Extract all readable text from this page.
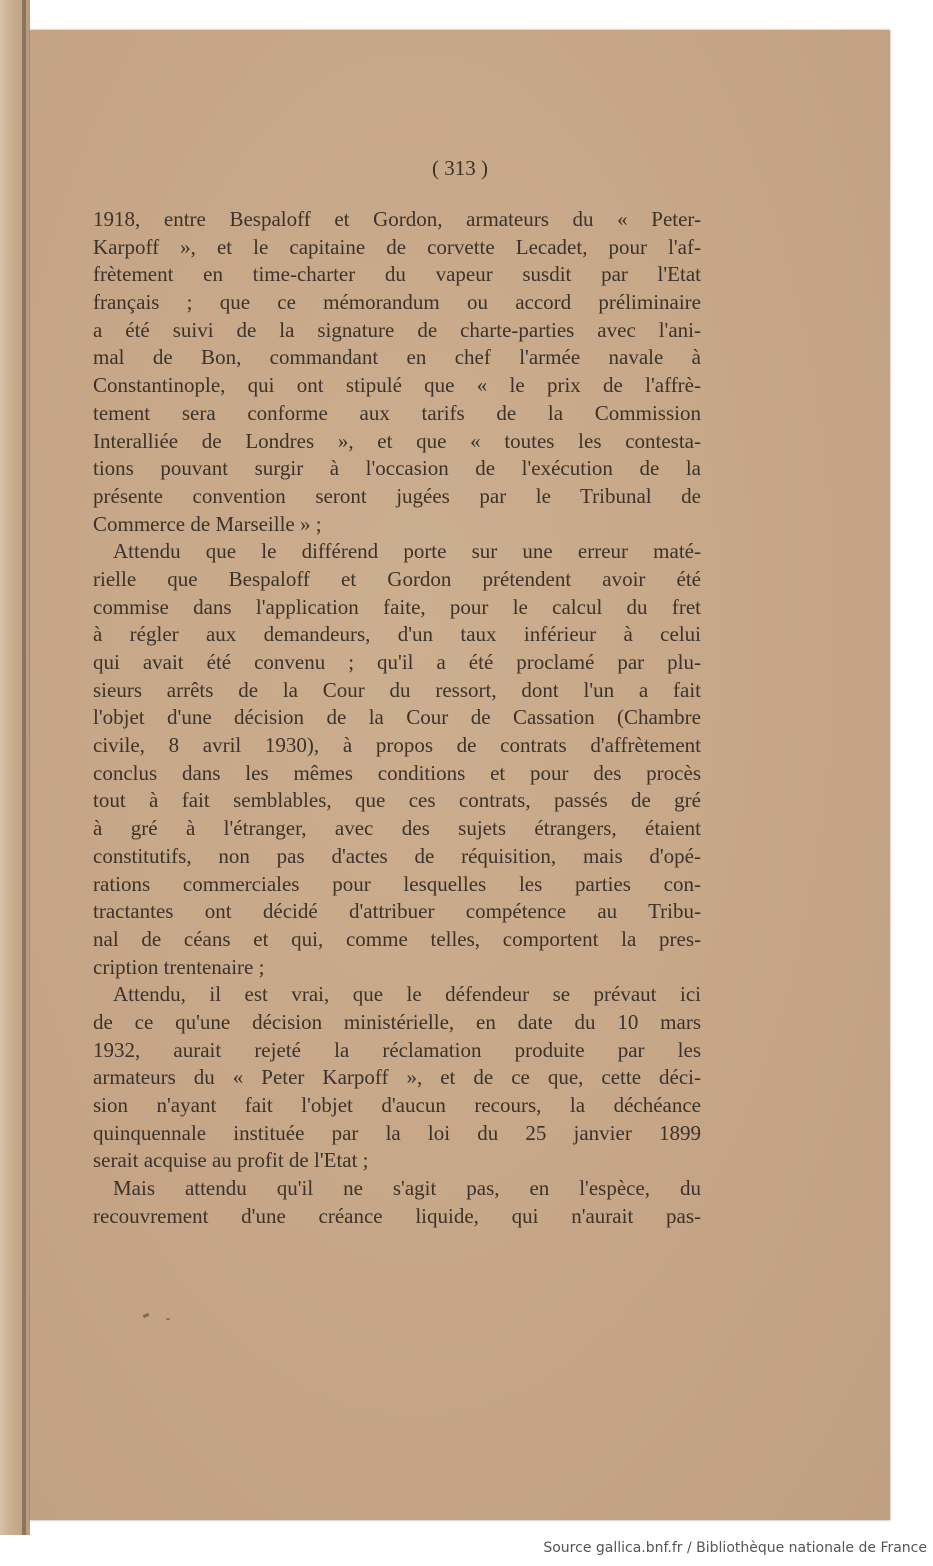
( 313 )
1918, entre Bespaloff et Gordon, armateurs du « Peter-
Karpoff », et le capitaine de corvette Lecadet, pour l'af-
frètement en time-charter du vapeur susdit par l'Etat
français ; que ce mémorandum ou accord préliminaire
a été suivi de la signature de charte-parties avec l'ani-
mal de Bon, commandant en chef l'armée navale à
Constantinople, qui ont stipulé que « le prix de l'affrè-
tement sera conforme aux tarifs de la Commission
Interalliée de Londres », et que « toutes les contesta-
tions pouvant surgir à l'occasion de l'exécution de la
présente convention seront jugées par le Tribunal de
Commerce de Marseille » ;
Attendu que le différend porte sur une erreur maté-
rielle que Bespaloff et Gordon prétendent avoir été
commise dans l'application faite, pour le calcul du fret
à régler aux demandeurs, d'un taux inférieur à celui
qui avait été convenu ; qu'il a été proclamé par plu-
sieurs arrêts de la Cour du ressort, dont l'un a fait
l'objet d'une décision de la Cour de Cassation (Chambre
civile, 8 avril 1930), à propos de contrats d'affrètement
conclus dans les mêmes conditions et pour des procès
tout à fait semblables, que ces contrats, passés de gré
à gré à l'étranger, avec des sujets étrangers, étaient
constitutifs, non pas d'actes de réquisition, mais d'opé-
rations commerciales pour lesquelles les parties con-
tractantes ont décidé d'attribuer compétence au Tribu-
nal de céans et qui, comme telles, comportent la pres-
cription trentenaire ;
Attendu, il est vrai, que le défendeur se prévaut ici
de ce qu'une décision ministérielle, en date du 10 mars
1932, aurait rejeté la réclamation produite par les
armateurs du « Peter Karpoff », et de ce que, cette déci-
sion n'ayant fait l'objet d'aucun recours, la déchéance
quinquennale instituée par la loi du 25 janvier 1899
serait acquise au profit de l'Etat ;
Mais attendu qu'il ne s'agit pas, en l'espèce, du
recouvrement d'une créance liquide, qui n'aurait pas-
Source gallica.bnf.fr / Bibliothèque nationale de France
